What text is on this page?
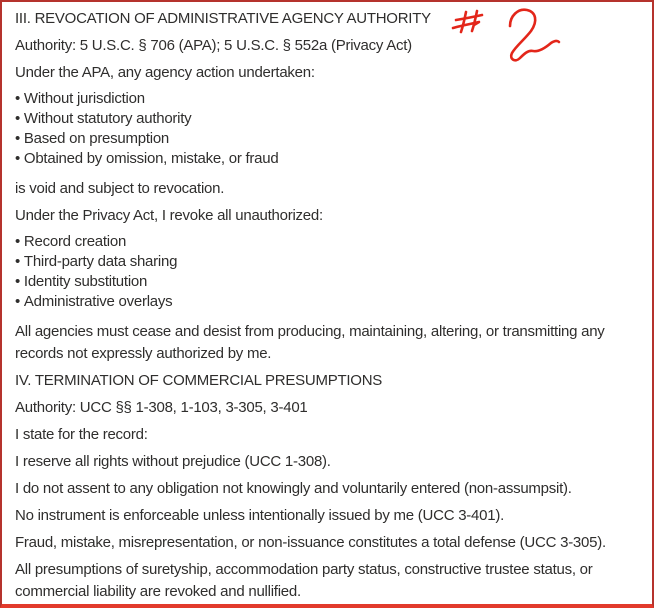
III. REVOCATION OF ADMINISTRATIVE AGENCY AUTHORITY

Authority: 5 U.S.C. § 706 (APA); 5 U.S.C. § 552a (Privacy Act)

Under the APA, any agency action undertaken:

• Without jurisdiction
• Without statutory authority
• Based on presumption
• Obtained by omission, mistake, or fraud

is void and subject to revocation.

Under the Privacy Act, I revoke all unauthorized:

• Record creation
• Third-party data sharing
• Identity substitution
• Administrative overlays

All agencies must cease and desist from producing, maintaining, altering, or transmitting any records not expressly authorized by me.

IV. TERMINATION OF COMMERCIAL PRESUMPTIONS

Authority: UCC §§ 1-308, 1-103, 3-305, 3-401

I state for the record:

I reserve all rights without prejudice (UCC 1-308).

I do not assent to any obligation not knowingly and voluntarily entered (non-assumpsit).

No instrument is enforceable unless intentionally issued by me (UCC 3-401).

Fraud, mistake, misrepresentation, or non-issuance constitutes a total defense (UCC 3-305).

All presumptions of suretyship, accommodation party status, constructive trustee status, or commercial liability are revoked and nullified.
